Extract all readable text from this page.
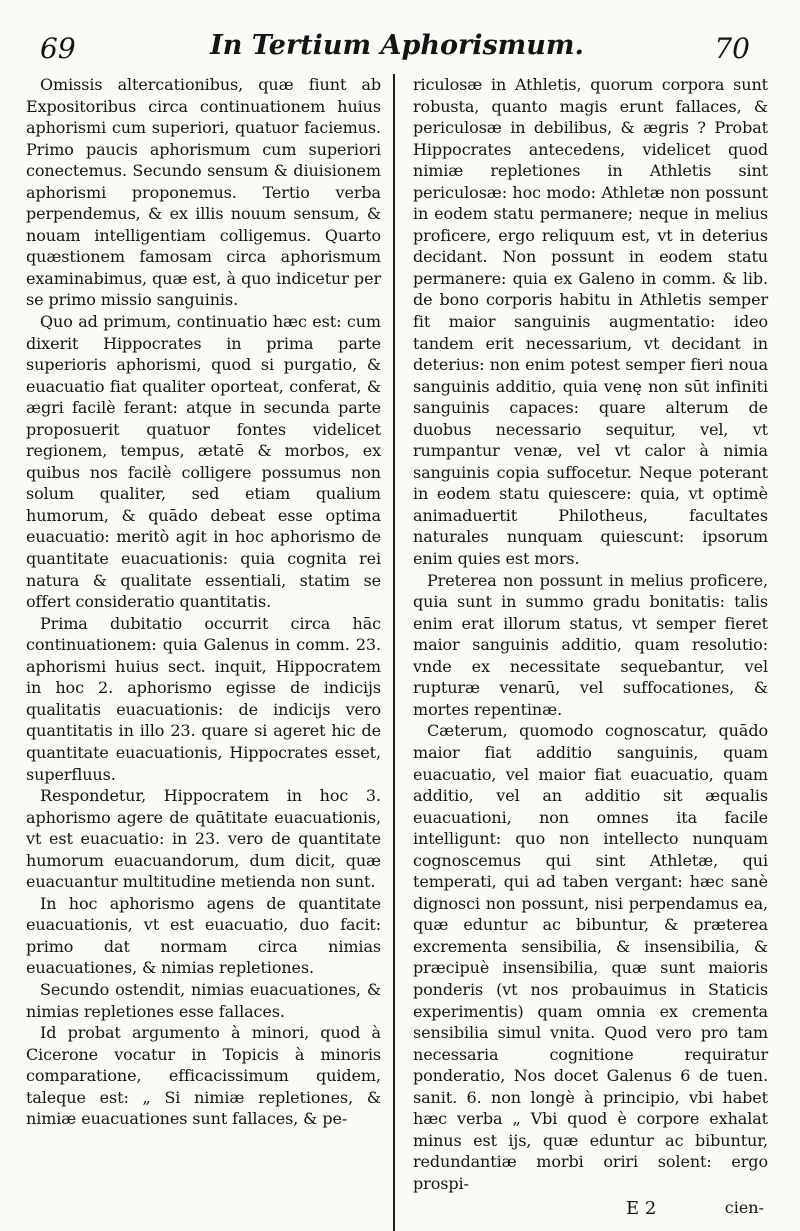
69	In Tertium Aphorismum.	70

Omissis altercationibus, quæ fiunt ab Expositoribus circa continuationem huius aphorismi cum superiori, quatuor faciemus. Primo paucis aphorismum cum superiori conectemus. Secundo sensum & diuisionem aphorismi proponemus. Tertio verba perpendemus, & ex illis nouum sensum, & nouam intelligentiam colligemus. Quarto quæstionem famosam circa aphorismum examinabimus, quæ est, à quo indicetur per se primo missio sanguinis.

Quo ad primum, continuatio hæc est: cum dixerit Hippocrates in prima parte superioris aphorismi, quod si purgatio, & euacuatio fiat qualiter oporteat, conferat, & ægri facilè ferant: atque in secunda parte proposuerit quatuor fontes videlicet regionem, tempus, ætatē & morbos, ex quibus nos facilè colligere possumus non solum qualiter, sed etiam qualium humorum, & quādo debeat esse optima euacuatio: meritò agit in hoc aphorismo de quantitate euacuationis: quia cognita rei natura & qualitate essentiali, statim se offert consideratio quantitatis.

Prima dubitatio occurrit circa hāc continuationem: quia Galenus in comm. 23. aphorismi huius sect. inquit, Hippocratem in hoc 2. aphorismo egisse de indicijs qualitatis euacuationis: de indicijs vero quantitatis in illo 23. quare si ageret hic de quantitate euacuationis, Hippocrates esset, superfluus.

Respondetur, Hippocratem in hoc 3. aphorismo agere de quātitate euacuationis, vt est euacuatio: in 23. vero de quantitate humorum euacuandorum, dum dicit, quæ euacuantur multitudine metienda non sunt.

In hoc aphorismo agens de quantitate euacuationis, vt est euacuatio, duo facit: primo dat normam circa nimias euacuationes, & nimias repletiones.

Secundo ostendit, nimias euacuationes, & nimias repletiones esse fallaces.

Id probat argumento à minori, quod à Cicerone vocatur in Topicis à minoris comparatione, efficacissimum quidem, taleque est: „ Si nimiæ repletiones, & nimiæ euacuationes sunt fallaces, & pe-

riculosæ in Athletis, quorum corpora sunt robusta, quanto magis erunt fallaces, & periculosæ in debilibus, & ægris ? Probat Hippocrates antecedens, videlicet quod nimiæ repletiones in Athletis sint periculosæ: hoc modo: Athletæ non possunt in eodem statu permanere; neque in melius proficere, ergo reliquum est, vt in deterius decidant. Non possunt in eodem statu permanere: quia ex Galeno in comm. & lib. de bono corporis habitu in Athletis semper fit maior sanguinis augmentatio: ideo tandem erit necessarium, vt decidant in deterius: non enim potest semper fieri noua sanguinis additio, quia venę non sūt infiniti sanguinis capaces: quare alterum de duobus necessario sequitur, vel, vt rumpantur venæ, vel vt calor à nimia sanguinis copia suffocetur. Neque poterant in eodem statu quiescere: quia, vt optimè animaduertit Philotheus, facultates naturales nunquam quiescunt: ipsorum enim quies est mors.

Preterea non possunt in melius proficere, quia sunt in summo gradu bonitatis: talis enim erat illorum status, vt semper fieret maior sanguinis additio, quam resolutio: vnde ex necessitate sequebantur, vel rupturæ venarū, vel suffocationes, & mortes repentinæ.

Cæterum, quomodo cognoscatur, quādo maior fiat additio sanguinis, quam euacuatio, vel maior fiat euacuatio, quam additio, vel an additio sit æqualis euacuationi, non omnes ita facile intelligunt: quo non intellecto nunquam cognoscemus qui sint Athletæ, qui temperati, qui ad taben vergant: hæc sanè dignosci non possunt, nisi perpendamus ea, quæ eduntur ac bibuntur, & præterea excrementa sensibilia, & insensibilia, & præcipuè insensibilia, quæ sunt maioris ponderis (vt nos probauimus in Staticis experimentis) quam omnia ex crementa sensibilia simul vnita. Quod vero pro tam necessaria cognitione requiratur ponderatio, Nos docet Galenus 6 de tuen. sanit. 6. non longè à principio, vbi habet hæc verba „ Vbi quod è corpore exhalat minus est ijs, quæ eduntur ac bibuntur, redundantiæ morbi oriri solent: ergo prospi-

E 2	cien-
